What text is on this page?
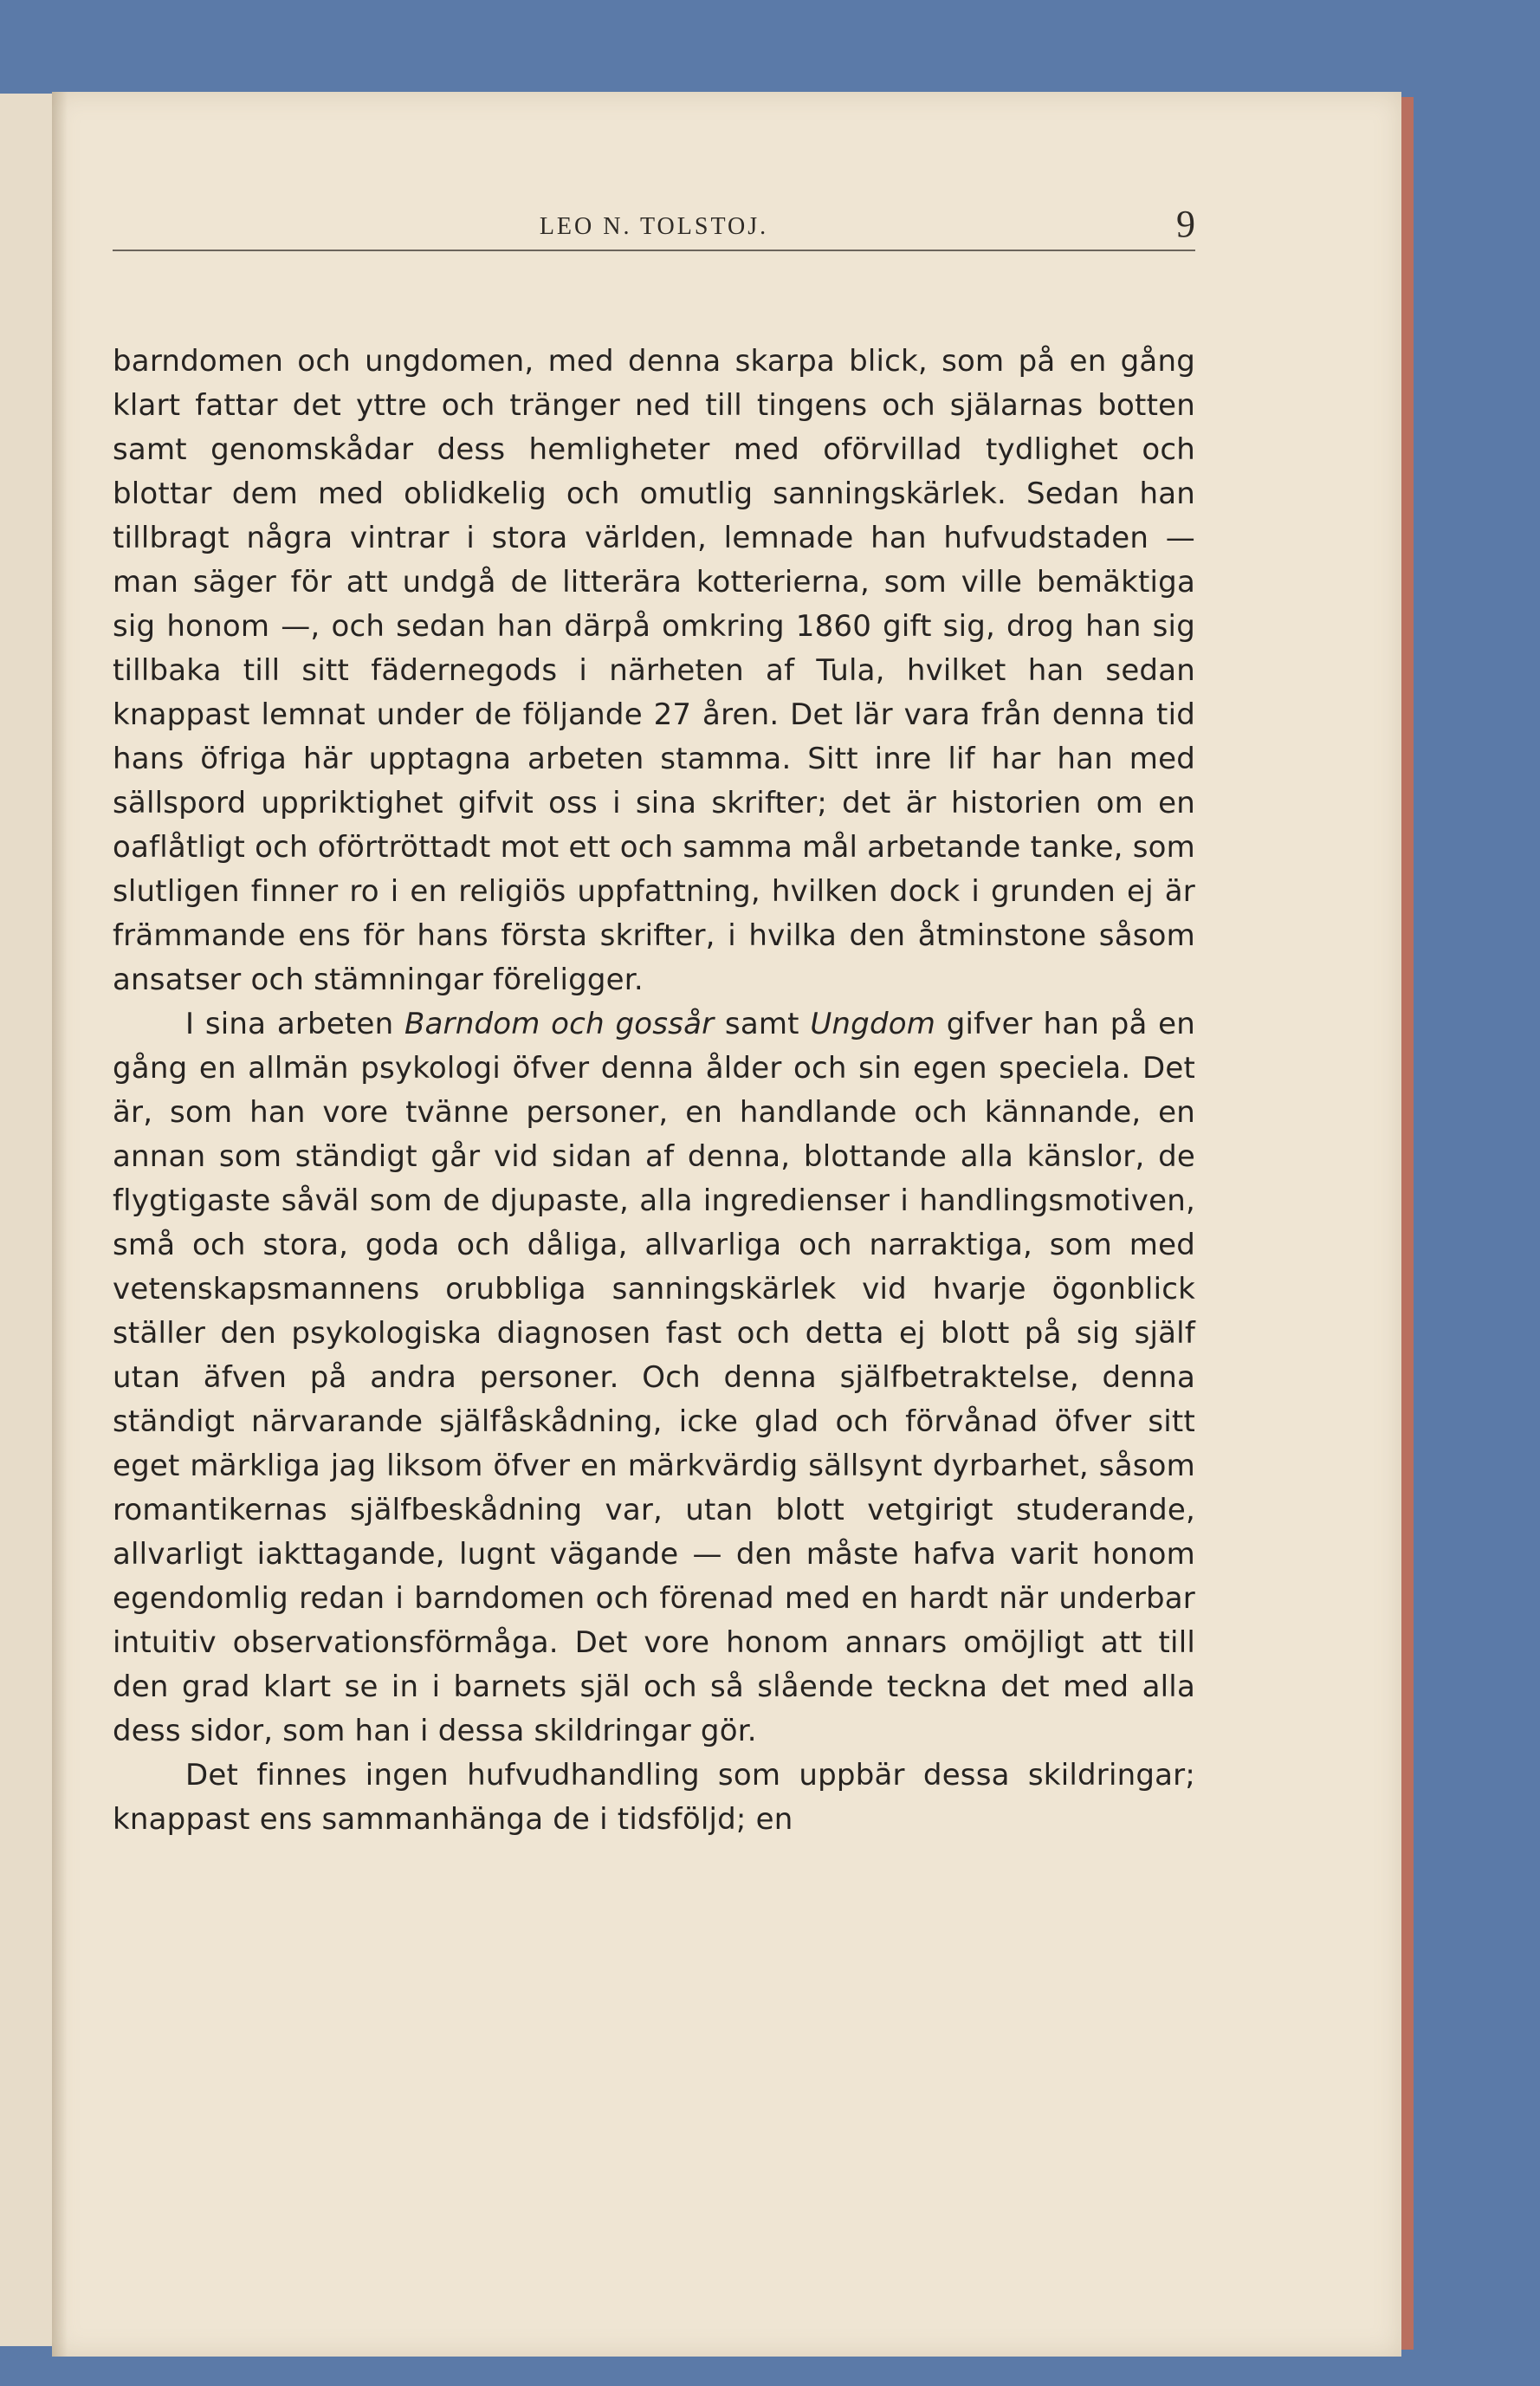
LEO N. TOLSTOJ.	9

barndomen och ungdomen, med denna skarpa blick, som på en gång klart fattar det yttre och tränger ned till tingens och själarnas botten samt genomskådar dess hemligheter med oförvillad tydlighet och blottar dem med oblidkelig och omutlig sanningskärlek. Sedan han tillbragt några vintrar i stora världen, lemnade han hufvudstaden — man säger för att undgå de litterära kotterierna, som ville bemäktiga sig honom —, och sedan han därpå omkring 1860 gift sig, drog han sig tillbaka till sitt fädernegods i närheten af Tula, hvilket han sedan knappast lemnat under de följande 27 åren. Det lär vara från denna tid hans öfriga här upptagna arbeten stamma. Sitt inre lif har han med sällspord uppriktighet gifvit oss i sina skrifter; det är historien om en oaflåtligt och oförtröttadt mot ett och samma mål arbetande tanke, som slutligen finner ro i en religiös uppfattning, hvilken dock i grunden ej är främmande ens för hans första skrifter, i hvilka den åtminstone såsom ansatser och stämningar föreligger.

I sina arbeten Barndom och gossår samt Ungdom gifver han på en gång en allmän psykologi öfver denna ålder och sin egen speciela. Det är, som han vore tvänne personer, en handlande och kännande, en annan som ständigt går vid sidan af denna, blottande alla känslor, de flygtigaste såväl som de djupaste, alla ingredienser i handlingsmotiven, små och stora, goda och dåliga, allvarliga och narraktiga, som med vetenskapsmannens orubbliga sanningskärlek vid hvarje ögonblick ställer den psykologiska diagnosen fast och detta ej blott på sig själf utan äfven på andra personer. Och denna själfbetraktelse, denna ständigt närvarande själfåskådning, icke glad och förvånad öfver sitt eget märkliga jag liksom öfver en märkvärdig sällsynt dyrbarhet, såsom romantikernas själfbeskådning var, utan blott vetgirigt studerande, allvarligt iakttagande, lugnt vägande — den måste hafva varit honom egendomlig redan i barndomen och förenad med en hardt när underbar intuitiv observationsförmåga. Det vore honom annars omöjligt att till den grad klart se in i barnets själ och så slående teckna det med alla dess sidor, som han i dessa skildringar gör.

Det finnes ingen hufvudhandling som uppbär dessa skildringar; knappast ens sammanhänga de i tidsföljd; en
